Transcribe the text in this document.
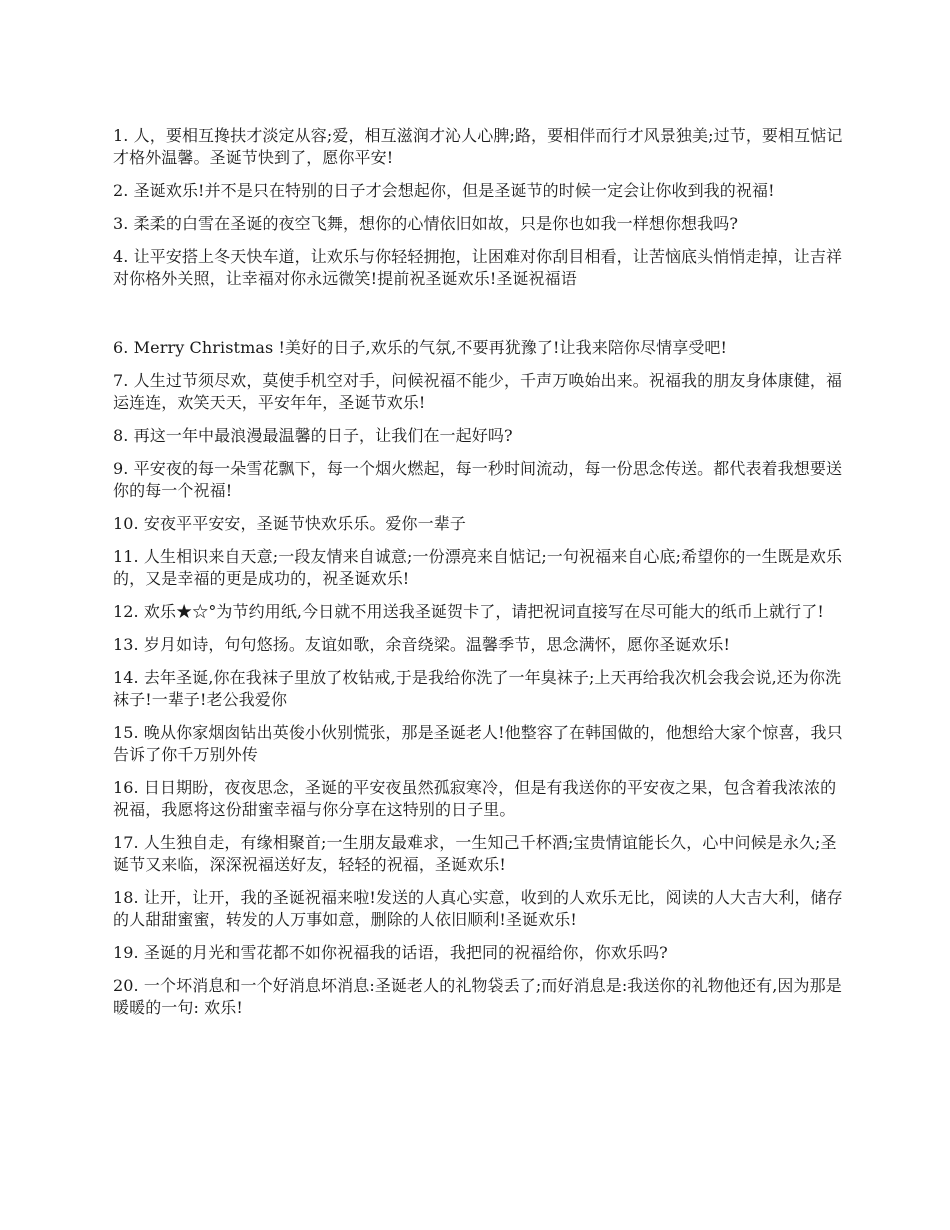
1. 人，要相互搀扶才淡定从容;爱，相互滋润才沁人心脾;路，要相伴而行才风景独美;过节，要相互惦记才格外温馨。圣诞节快到了，愿你平安!

2. 圣诞欢乐!并不是只在特别的日子才会想起你，但是圣诞节的时候一定会让你收到我的祝福!

3. 柔柔的白雪在圣诞的夜空飞舞，想你的心情依旧如故，只是你也如我一样想你想我吗?

4. 让平安搭上冬天快车道，让欢乐与你轻轻拥抱，让困难对你刮目相看，让苦恼底头悄悄走掉，让吉祥对你格外关照，让幸福对你永远微笑!提前祝圣诞欢乐!圣诞祝福语

6. Merry Christmas !美好的日子,欢乐的气氛,不要再犹豫了!让我来陪你尽情享受吧!

7. 人生过节须尽欢，莫使手机空对手，问候祝福不能少，千声万唤始出来。祝福我的朋友身体康健，福运连连，欢笑天天，平安年年，圣诞节欢乐!

8. 再这一年中最浪漫最温馨的日子，让我们在一起好吗?

9. 平安夜的每一朵雪花飘下，每一个烟火燃起，每一秒时间流动，每一份思念传送。都代表着我想要送你的每一个祝福!

10. 安夜平平安安，圣诞节快欢乐乐。爱你一辈子

11. 人生相识来自天意;一段友情来自诚意;一份漂亮来自惦记;一句祝福来自心底;希望你的一生既是欢乐的，又是幸福的更是成功的，祝圣诞欢乐!

12. 欢乐★☆°为节约用纸,今日就不用送我圣诞贺卡了，请把祝词直接写在尽可能大的纸币上就行了!

13. 岁月如诗，句句悠扬。友谊如歌，余音绕梁。温馨季节，思念满怀，愿你圣诞欢乐!

14. 去年圣诞,你在我袜子里放了枚钻戒,于是我给你洗了一年臭袜子;上天再给我次机会我会说,还为你洗袜子!一辈子!老公我爱你

15. 晚从你家烟囱钻出英俊小伙别慌张，那是圣诞老人!他整容了在韩国做的，他想给大家个惊喜，我只告诉了你千万别外传

16. 日日期盼，夜夜思念，圣诞的平安夜虽然孤寂寒冷，但是有我送你的平安夜之果，包含着我浓浓的祝福，我愿将这份甜蜜幸福与你分享在这特别的日子里。

17. 人生独自走，有缘相聚首;一生朋友最难求，一生知己千杯酒;宝贵情谊能长久，心中问候是永久;圣诞节又来临，深深祝福送好友，轻轻的祝福，圣诞欢乐!

18. 让开，让开，我的圣诞祝福来啦!发送的人真心实意，收到的人欢乐无比，阅读的人大吉大利，储存的人甜甜蜜蜜，转发的人万事如意，删除的人依旧顺利!圣诞欢乐!

19. 圣诞的月光和雪花都不如你祝福我的话语，我把同的祝福给你，你欢乐吗?

20. 一个坏消息和一个好消息坏消息:圣诞老人的礼物袋丢了;而好消息是:我送你的礼物他还有,因为那是暖暖的一句: 欢乐!
